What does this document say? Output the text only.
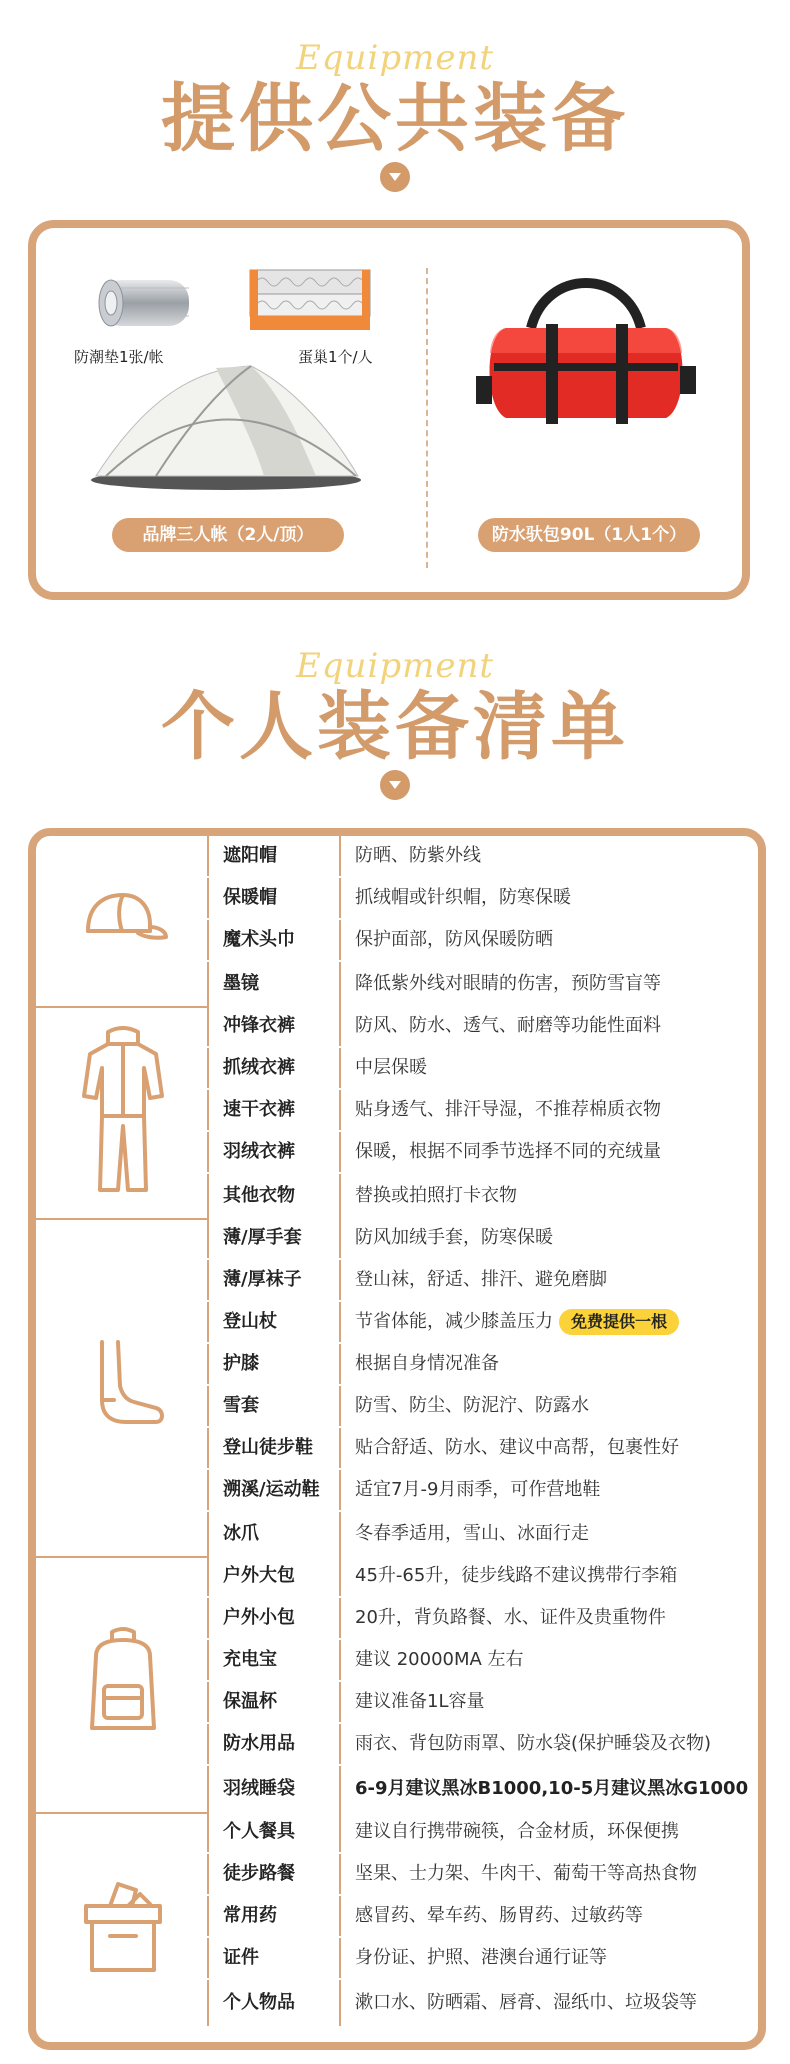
Equipment
提供公共装备
防潮垫1张/帐	蛋巢1个/人
品牌三人帐（2人/顶）	防水驮包90L（1人1个）
Equipment
个人装备清单
遮阳帽	防晒、防紫外线
保暖帽	抓绒帽或针织帽，防寒保暖
魔术头巾	保护面部，防风保暖防晒
墨镜	降低紫外线对眼睛的伤害，预防雪盲等
冲锋衣裤	防风、防水、透气、耐磨等功能性面料
抓绒衣裤	中层保暖
速干衣裤	贴身透气、排汗导湿，不推荐棉质衣物
羽绒衣裤	保暖，根据不同季节选择不同的充绒量
其他衣物	替换或拍照打卡衣物
薄/厚手套	防风加绒手套，防寒保暖
薄/厚袜子	登山袜，舒适、排汗、避免磨脚
登山杖	节省体能，减少膝盖压力 免费提供一根
护膝	根据自身情况准备
雪套	防雪、防尘、防泥泞、防露水
登山徒步鞋	贴合舒适、防水、建议中高帮，包裹性好
溯溪/运动鞋	适宜7月-9月雨季，可作营地鞋
冰爪	冬春季适用，雪山、冰面行走
户外大包	45升-65升，徒步线路不建议携带行李箱
户外小包	20升，背负路餐、水、证件及贵重物件
充电宝	建议 20000MA 左右
保温杯	建议准备1L容量
防水用品	雨衣、背包防雨罩、防水袋(保护睡袋及衣物)
羽绒睡袋	6-9月建议黑冰B1000,10-5月建议黑冰G1000
个人餐具	建议自行携带碗筷，合金材质，环保便携
徒步路餐	坚果、士力架、牛肉干、葡萄干等高热食物
常用药	感冒药、晕车药、肠胃药、过敏药等
证件	身份证、护照、港澳台通行证等
个人物品	漱口水、防晒霜、唇膏、湿纸巾、垃圾袋等
